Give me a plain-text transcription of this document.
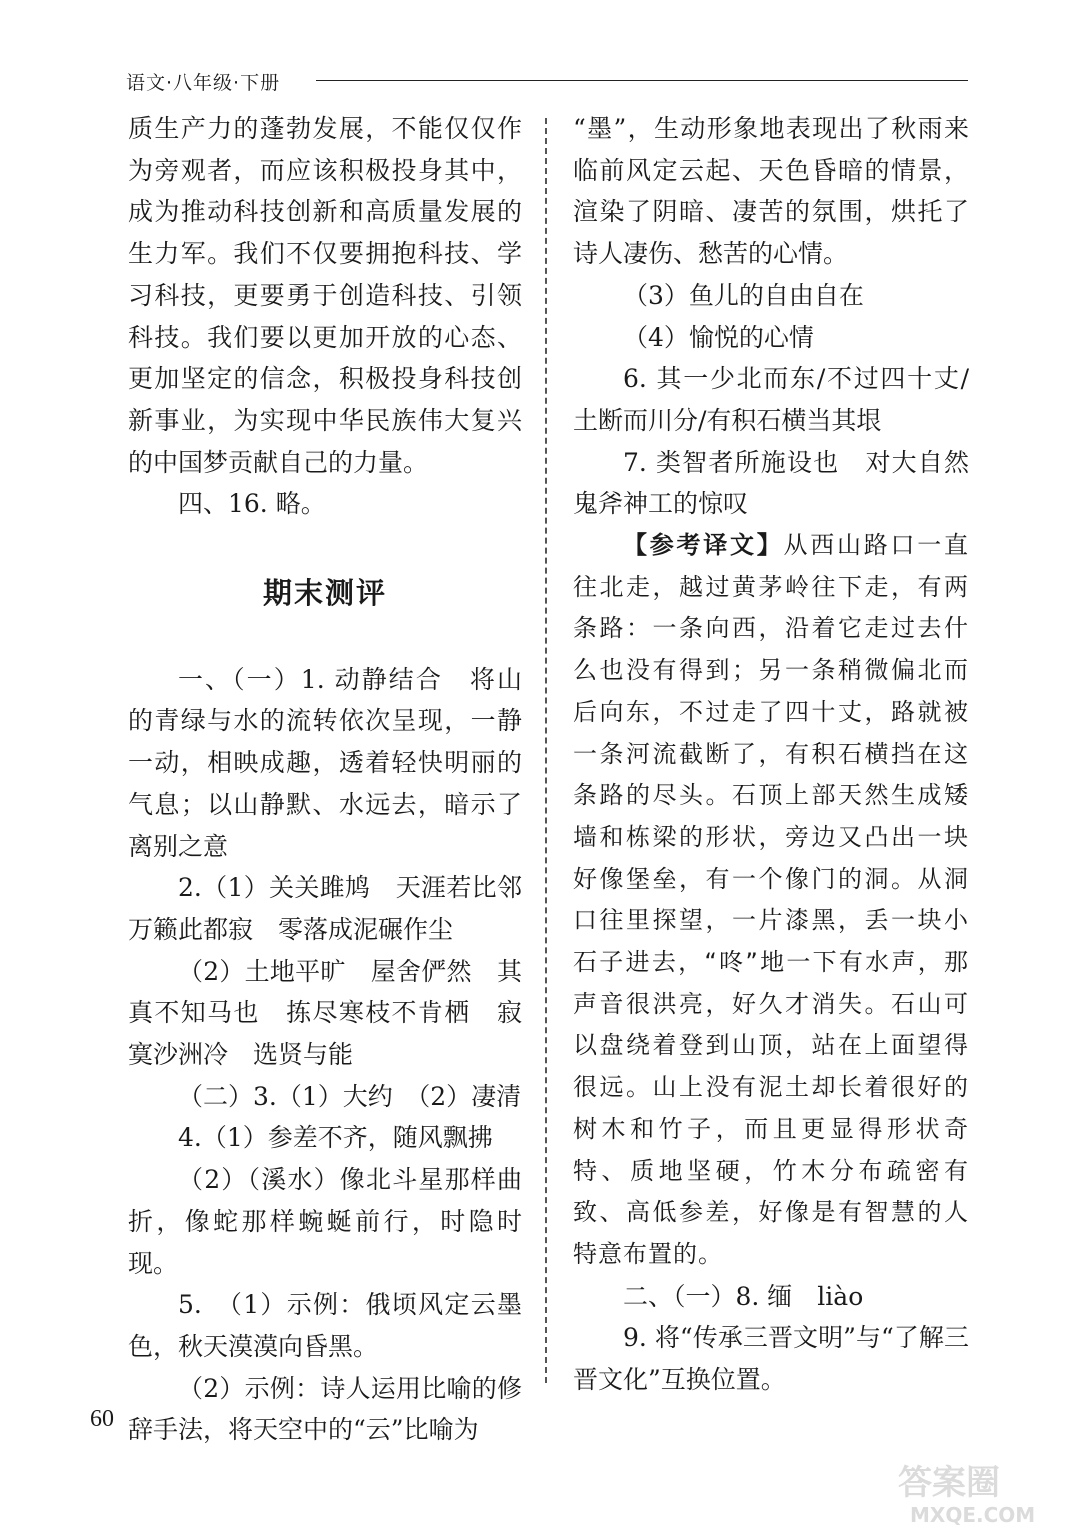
语文·八年级·下册

质生产力的蓬勃发展，不能仅仅作为旁观者，而应该积极投身其中，成为推动科技创新和高质量发展的生力军。我们不仅要拥抱科技、学习科技，更要勇于创造科技、引领科技。我们要以更加开放的心态、更加坚定的信念，积极投身科技创新事业，为实现中华民族伟大复兴的中国梦贡献自己的力量。

四、16. 略。

期末测评

一、（一）1. 动静结合　将山的青绿与水的流转依次呈现，一静一动，相映成趣，透着轻快明丽的气息；以山静默、水远去，暗示了离别之意

2.（1）关关雎鸠　天涯若比邻　万籁此都寂　零落成泥碾作尘

（2）土地平旷　屋舍俨然　其真不知马也　拣尽寒枝不肯栖　寂寞沙洲冷　选贤与能

（二）3.（1）大约　（2）凄清

4.（1）参差不齐，随风飘拂

（2）（溪水）像北斗星那样曲折，像蛇那样蜿蜒前行，时隐时现。

5.　（1）示例：俄顷风定云墨色，秋天漠漠向昏黑。

（2）示例：诗人运用比喻的修辞手法，将天空中的“云”比喻为

“墨”，生动形象地表现出了秋雨来临前风定云起、天色昏暗的情景，渲染了阴暗、凄苦的氛围，烘托了诗人凄伤、愁苦的心情。

（3）鱼儿的自由自在

（4）愉悦的心情

6. 其一少北而东/不过四十丈/土断而川分/有积石横当其垠

7. 类智者所施设也　对大自然鬼斧神工的惊叹

【参考译文】从西山路口一直往北走，越过黄茅岭往下走，有两条路：一条向西，沿着它走过去什么也没有得到；另一条稍微偏北而后向东，不过走了四十丈，路就被一条河流截断了，有积石横挡在这条路的尽头。石顶上部天然生成矮墙和栋梁的形状，旁边又凸出一块好像堡垒，有一个像门的洞。从洞口往里探望，一片漆黑，丢一块小石子进去，“咚”地一下有水声，那声音很洪亮，好久才消失。石山可以盘绕着登到山顶，站在上面望得很远。山上没有泥土却长着很好的树木和竹子，而且更显得形状奇特、质地坚硬，竹木分布疏密有致、高低参差，好像是有智慧的人特意布置的。

二、（一）8. 缅　liào

9. 将“传承三晋文明”与“了解三晋文化”互换位置。

60
答案圈
MXQE.COM
